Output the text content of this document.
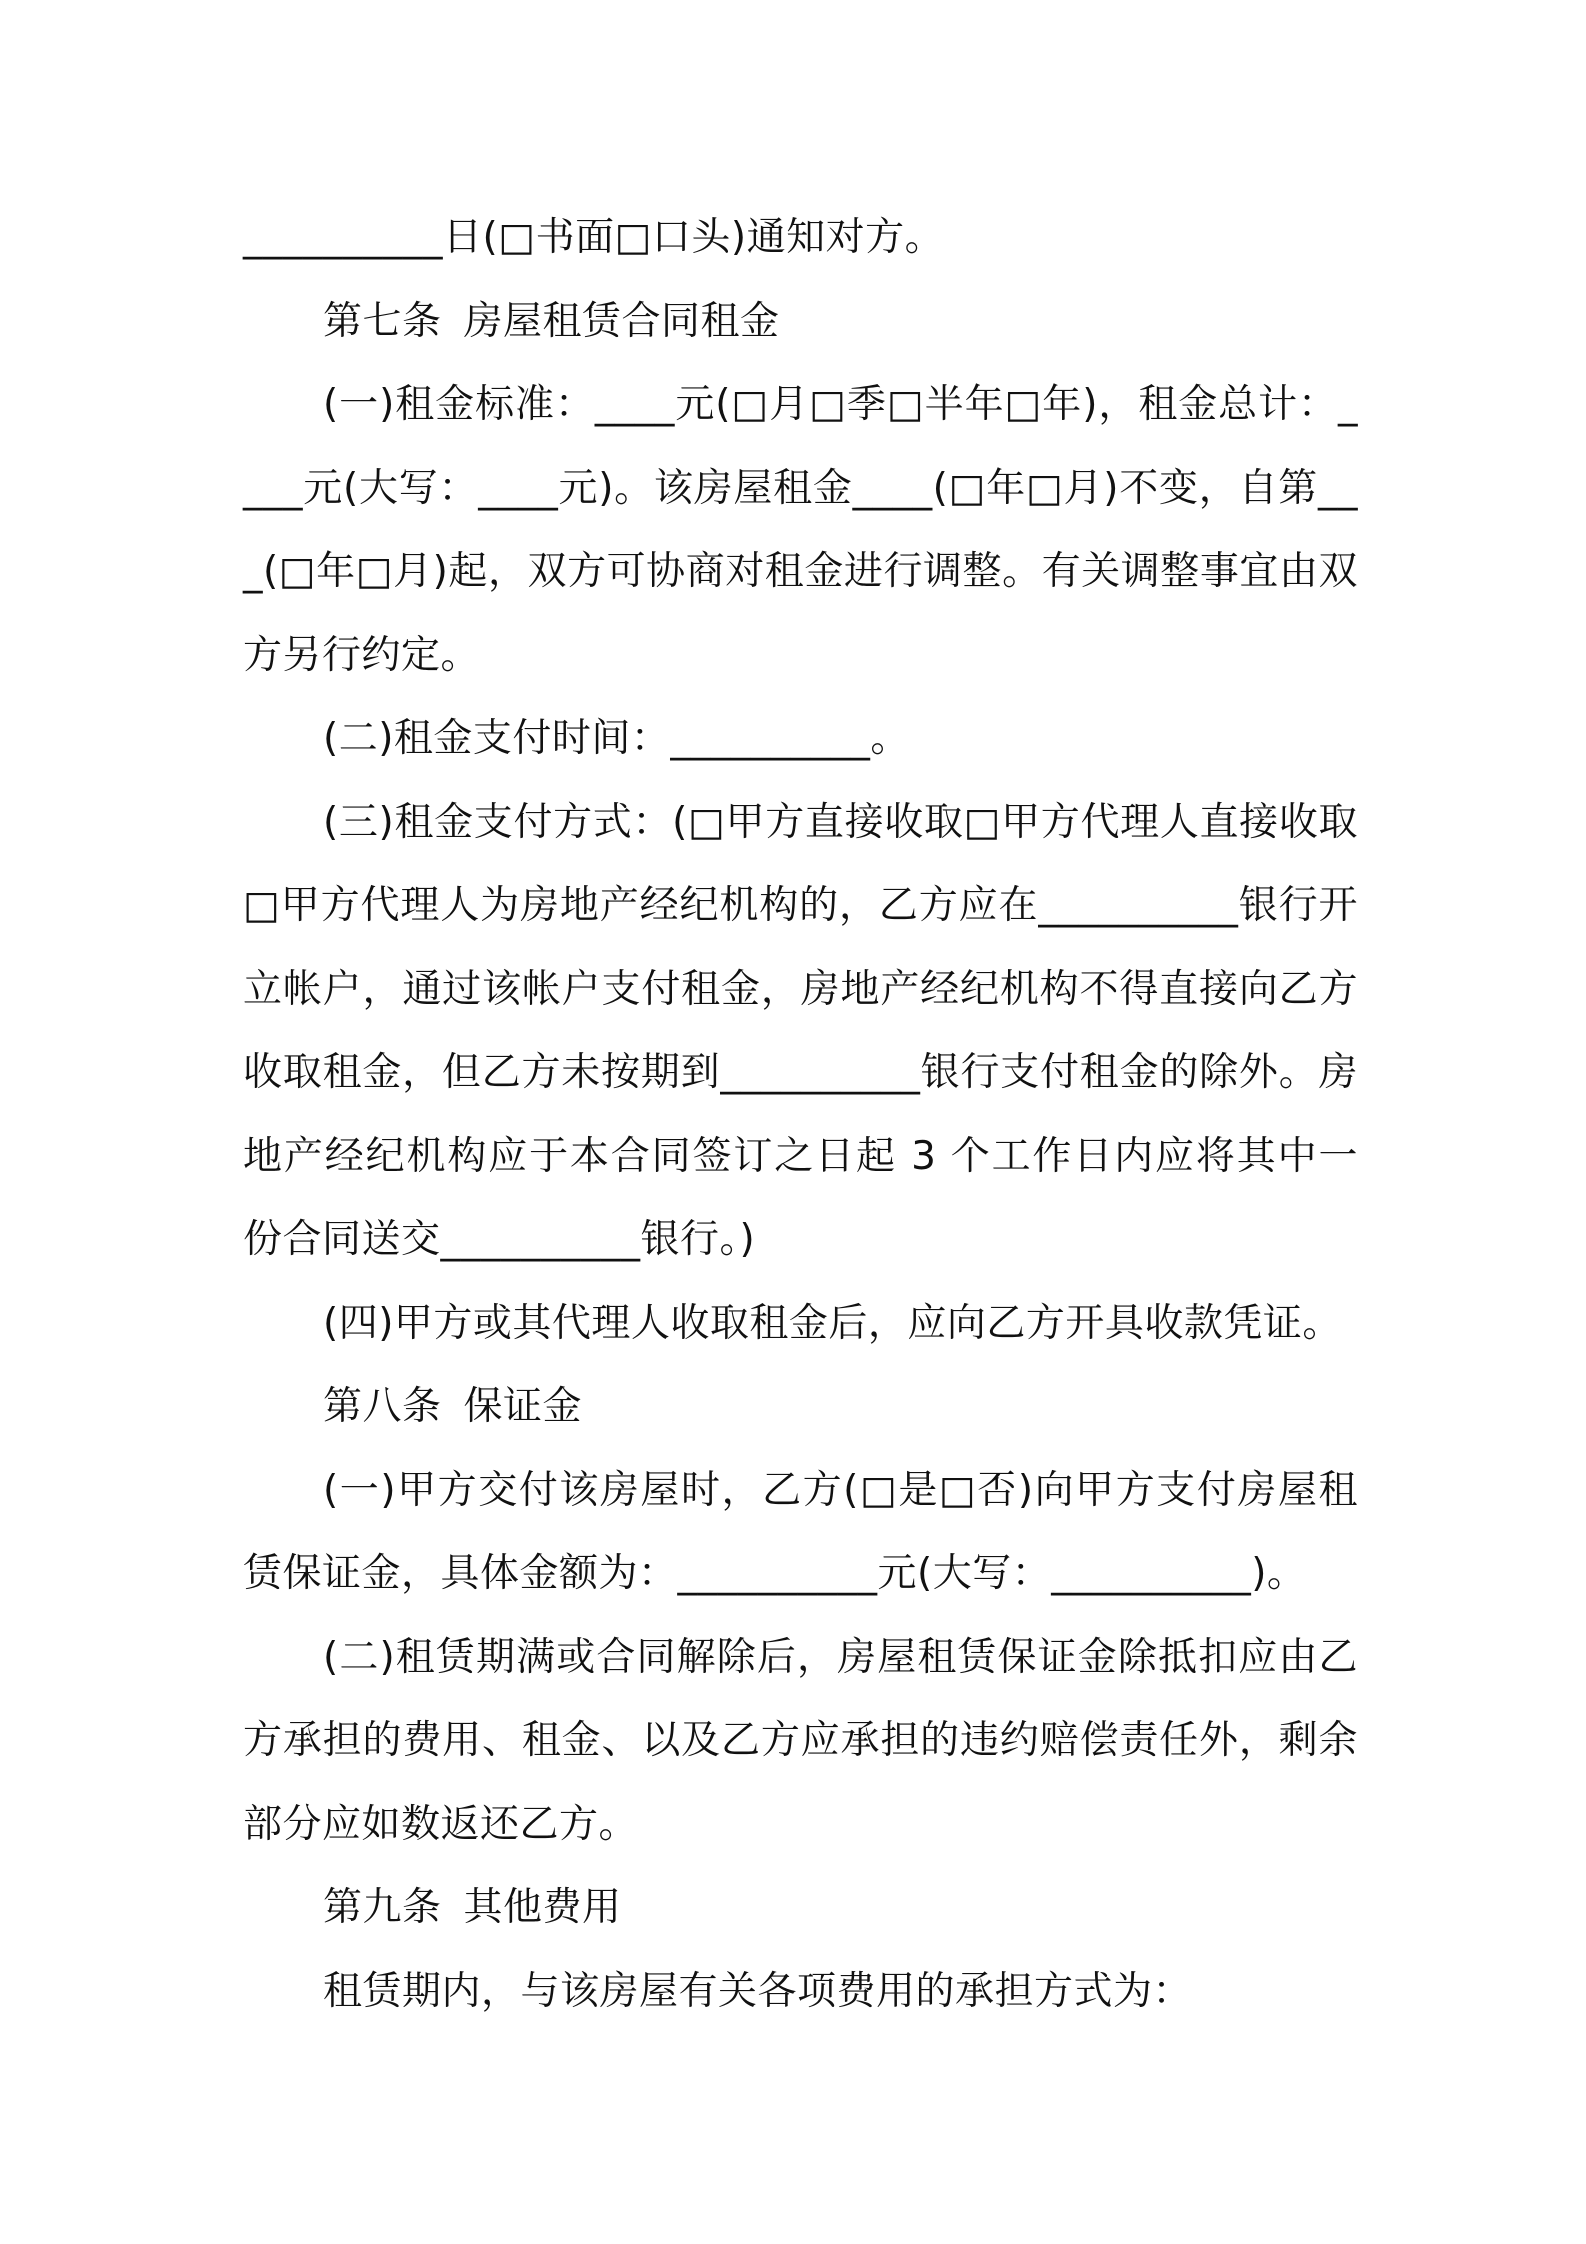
__________日(□书面□口头)通知对方。

第七条 房屋租赁合同租金

(一)租金标准：____元(□月□季□半年□年)，租金总计：____元(大写：____元)。该房屋租金____(□年□月)不变，自第___(□年□月)起，双方可协商对租金进行调整。有关调整事宜由双方另行约定。

(二)租金支付时间：__________。

(三)租金支付方式：(□甲方直接收取□甲方代理人直接收取□甲方代理人为房地产经纪机构的，乙方应在__________银行开立帐户，通过该帐户支付租金，房地产经纪机构不得直接向乙方收取租金，但乙方未按期到__________银行支付租金的除外。房地产经纪机构应于本合同签订之日起 3 个工作日内应将其中一份合同送交__________银行。)

(四)甲方或其代理人收取租金后，应向乙方开具收款凭证。

第八条 保证金

(一)甲方交付该房屋时，乙方(□是□否)向甲方支付房屋租赁保证金，具体金额为：__________元(大写：__________)。

(二)租赁期满或合同解除后，房屋租赁保证金除抵扣应由乙方承担的费用、租金、以及乙方应承担的违约赔偿责任外，剩余部分应如数返还乙方。

第九条 其他费用

租赁期内，与该房屋有关各项费用的承担方式为：
